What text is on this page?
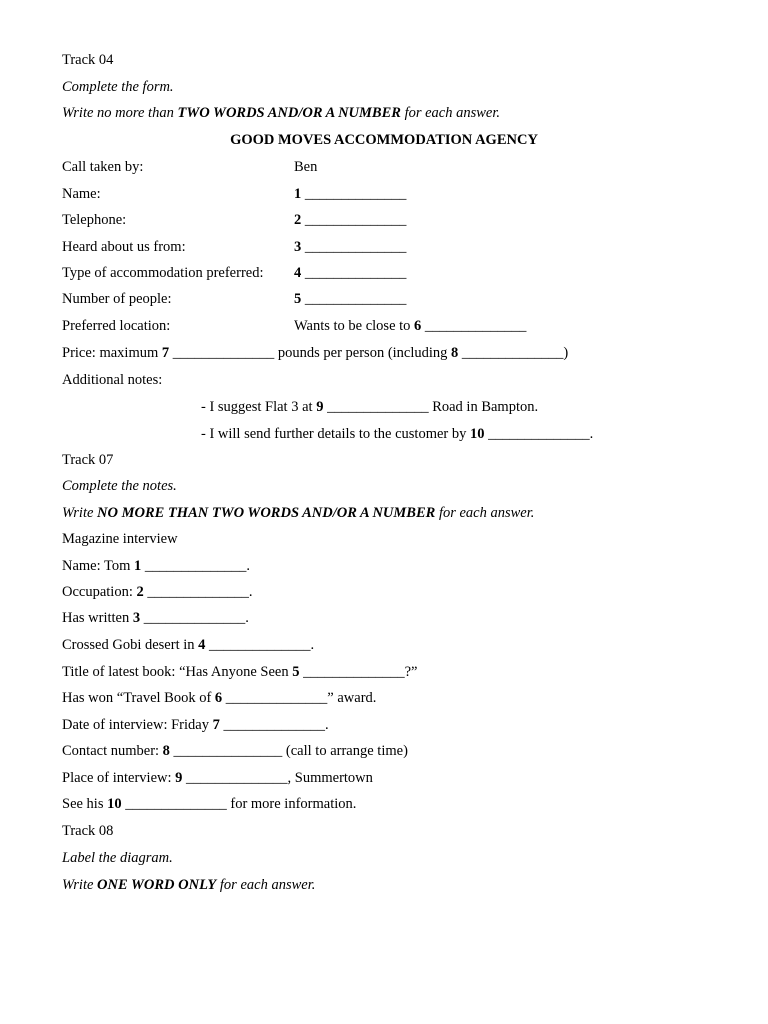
Track 04
Complete the form.
Write no more than TWO WORDS AND/OR A NUMBER for each answer.
GOOD MOVES ACCOMMODATION AGENCY
Call taken by:	Ben
Name:	1 ______________
Telephone:	2 ______________
Heard about us from:	3 ______________
Type of accommodation preferred: 4 ______________
Number of people:	5 ______________
Preferred location:	Wants to be close to 6 ______________
Price: maximum 7 ______________ pounds per person (including 8 ______________)
Additional notes:
- I suggest Flat 3 at 9 ______________ Road in Bampton.
- I will send further details to the customer by 10 ______________.
Track 07
Complete the notes.
Write NO MORE THAN TWO WORDS AND/OR A NUMBER for each answer.
Magazine interview
Name: Tom 1 ______________.
Occupation: 2 ______________.
Has written 3 ______________.
Crossed Gobi desert in 4 ______________.
Title of latest book: “Has Anyone Seen 5 ______________?”
Has won “Travel Book of 6 ______________” award.
Date of interview: Friday 7 ______________.
Contact number: 8 _______________ (call to arrange time)
Place of interview: 9 ______________, Summertown
See his 10 ______________ for more information.
Track 08
Label the diagram.
Write ONE WORD ONLY for each answer.
